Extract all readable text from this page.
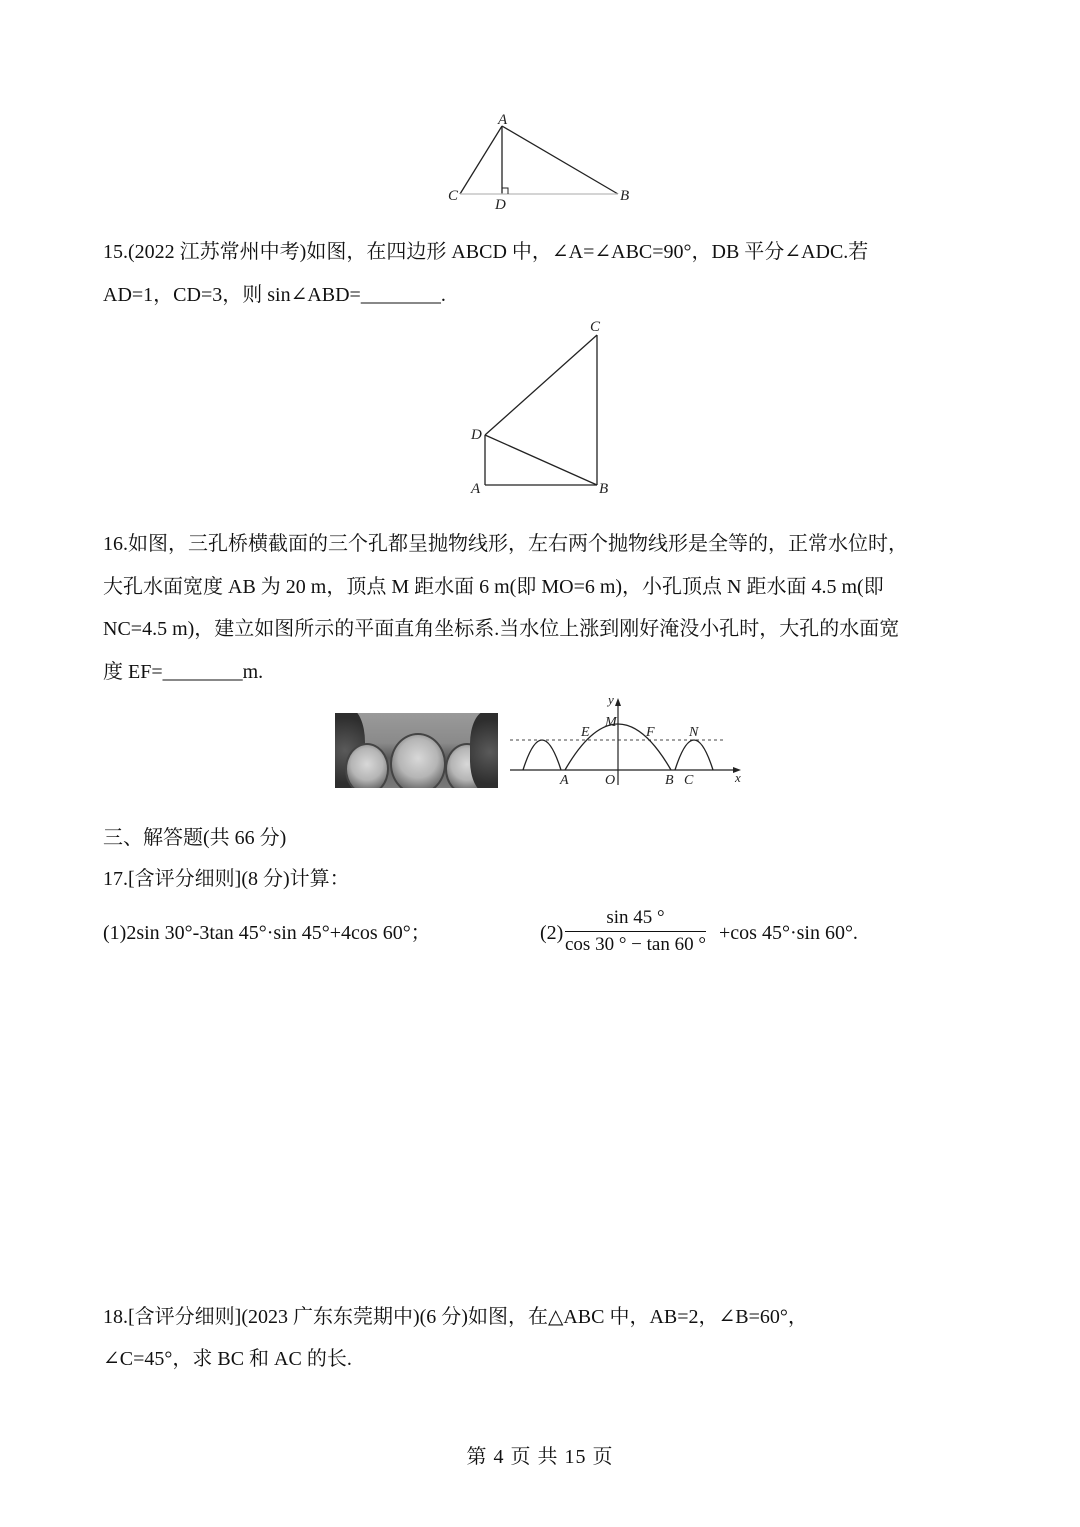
A
C
D
B
15.(2022 江苏常州中考)如图，在四边形 ABCD 中，∠A=∠ABC=90°，DB 平分∠ADC.若
AD=1，CD=3，则 sin∠ABD=________.
C
D
A	B
16.如图，三孔桥横截面的三个孔都呈抛物线形，左右两个抛物线形是全等的，正常水位时，
大孔水面宽度 AB 为 20 m，顶点 M 距水面 6 m(即 MO=6 m)，小孔顶点 N 距水面 4.5 m(即
NC=4.5 m)，建立如图所示的平面直角坐标系.当水位上涨到刚好淹没小孔时，大孔的水面宽
度 EF=________m.
y
M
E	F N
A	O	B C	x
三、解答题(共 66 分)
17.[含评分细则](8 分)计算：
(1)2sin 30°-3tan 45°·sin 45°+4cos 60°；	$(2) \frac{\sin 45 ^\circ}{\cos 30 ^\circ - \tan 60 ^\circ} +\cos$ 45°·sin 60°.
18.[含评分细则](2023 广东东莞期中)(6 分)如图，在△ABC 中，AB=2，∠B=60°，
∠C=45°，求 BC 和 AC 的长.
第 4 页 共 15 页
